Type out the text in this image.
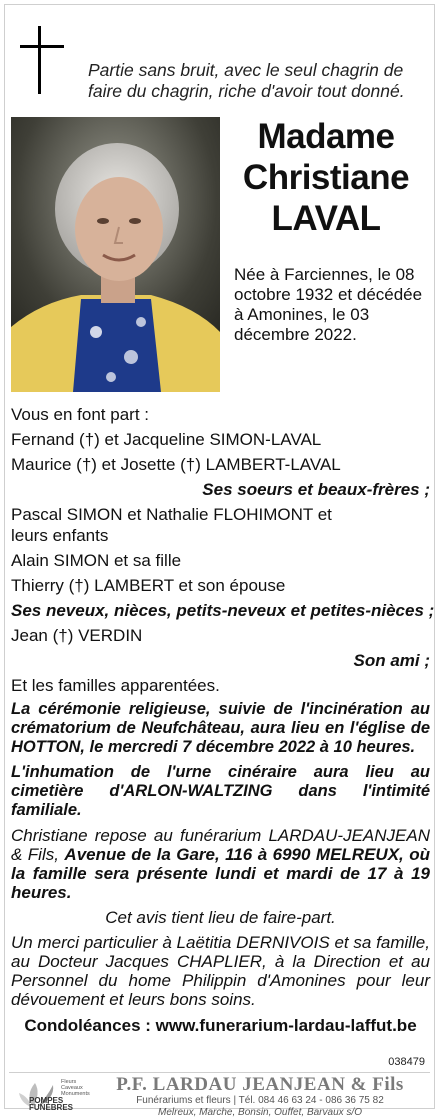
Partie sans bruit, avec le seul chagrin de faire du chagrin, riche d'avoir tout donné.
Madame
Christiane
LAVAL
Née à Farciennes, le 08 octobre 1932 et décédée à Amonines, le 03 décembre 2022.
Vous en font part :
Fernand (†) et Jacqueline SIMON-LAVAL
Maurice (†) et Josette (†) LAMBERT-LAVAL
Ses soeurs et beaux-frères ;
Pascal SIMON et Nathalie FLOHIMONT et leurs enfants
Alain SIMON et sa fille
Thierry (†) LAMBERT et son épouse
Ses neveux, nièces, petits-neveux et petites-nièces ;
Jean (†) VERDIN
Son ami ;
Et les familles apparentées.
La cérémonie religieuse, suivie de l'incinération au crématorium de Neufchâteau, aura lieu en l'église de HOTTON, le mercredi 7 décembre 2022 à 10 heures.
L'inhumation de l'urne cinéraire aura lieu au cimetière d'ARLON-WALTZING dans l'intimité familiale.
Christiane repose au funérarium LARDAU-JEANJEAN & Fils, Avenue de la Gare, 116 à 6990 MELREUX, où la famille sera présente lundi et mardi de 17 à 19 heures.
Cet avis tient lieu de faire-part.
Un merci particulier à Laëtitia DERNIVOIS et sa famille, au Docteur Jacques CHAPLIER, à la Direction et au Personnel du home Philippin d'Amonines pour leur dévouement et leurs bons soins.
Condoléances : www.funerarium-lardau-laffut.be
038479
Fleurs
Caveaux
Monuments
POMPES
FUNÈBRES
P.F. LARDAU JEANJEAN & Fils
Funérariums et fleurs | Tél. 084 46 63 24 - 086 36 75 82
Melreux, Marche, Bonsin, Ouffet, Barvaux s/O
